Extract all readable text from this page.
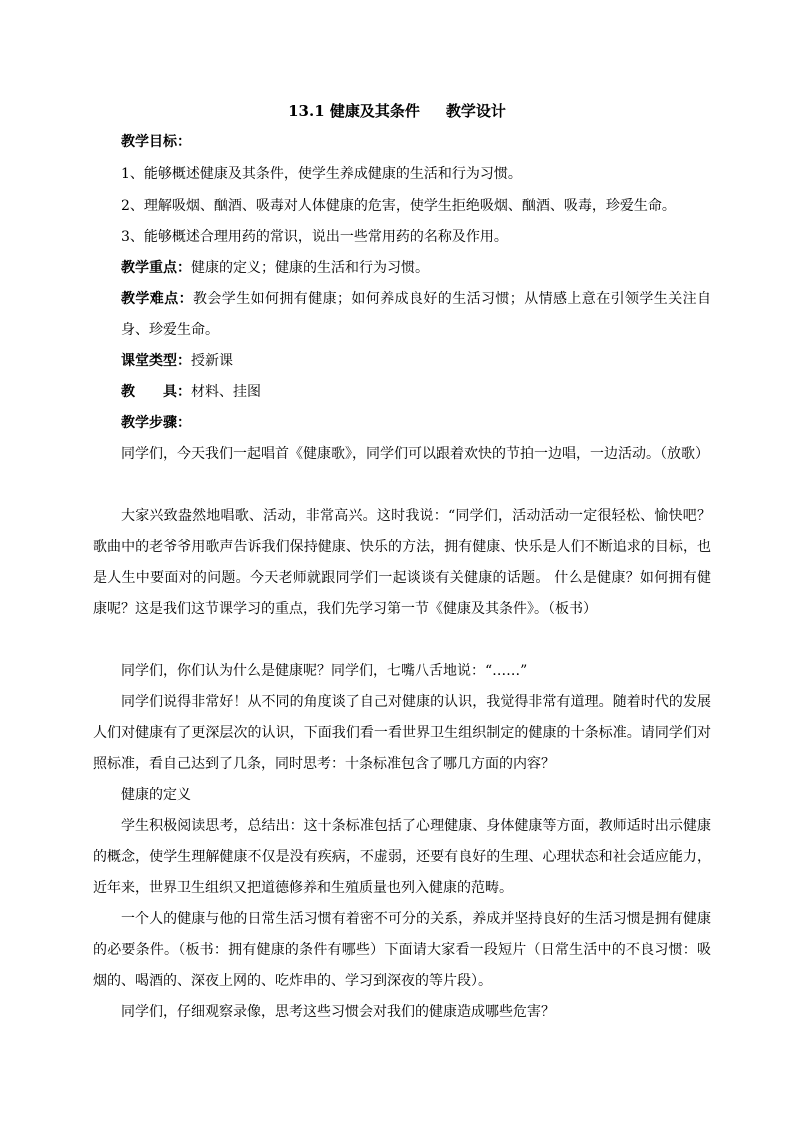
13.1 健康及其条件 教学设计
教学目标：
1、能够概述健康及其条件，使学生养成健康的生活和行为习惯。
2、理解吸烟、酗酒、吸毒对人体健康的危害，使学生拒绝吸烟、酗酒、吸毒，珍爱生命。
3、能够概述合理用药的常识，说出一些常用药的名称及作用。
教学重点：健康的定义；健康的生活和行为习惯。

教学难点：教会学生如何拥有健康；如何养成良好的生活习惯；从情感上意在引领学生关注自身、珍爱生命。

课堂类型：授新课
教　　具：材料、挂图
教学步骤：

同学们，今天我们一起唱首《健康歌》，同学们可以跟着欢快的节拍一边唱，一边活动。（放歌）

大家兴致盎然地唱歌、活动，非常高兴。这时我说：“同学们，活动活动一定很轻松、愉快吧？歌曲中的老爷爷用歌声告诉我们保持健康、快乐的方法，拥有健康、快乐是人们不断追求的目标，也是人生中要面对的问题。今天老师就跟同学们一起谈谈有关健康的话题。 什么是健康？如何拥有健康呢？这是我们这节课学习的重点，我们先学习第一节《健康及其条件》。（板书）

同学们，你们认为什么是健康呢？同学们，七嘴八舌地说：“……”

同学们说得非常好！从不同的角度谈了自己对健康的认识，我觉得非常有道理。随着时代的发展人们对健康有了更深层次的认识，下面我们看一看世界卫生组织制定的健康的十条标准。请同学们对照标准，看自己达到了几条，同时思考：十条标准包含了哪几方面的内容？

健康的定义

学生积极阅读思考，总结出：这十条标准包括了心理健康、身体健康等方面，教师适时出示健康的概念，使学生理解健康不仅是没有疾病，不虚弱，还要有良好的生理、心理状态和社会适应能力，近年来，世界卫生组织又把道德修养和生殖质量也列入健康的范畴。

一个人的健康与他的日常生活习惯有着密不可分的关系，养成并坚持良好的生活习惯是拥有健康的必要条件。（板书：拥有健康的条件有哪些）下面请大家看一段短片（日常生活中的不良习惯：吸烟的、喝酒的、深夜上网的、吃炸串的、学习到深夜的等片段）。

同学们，仔细观察录像，思考这些习惯会对我们的健康造成哪些危害？
